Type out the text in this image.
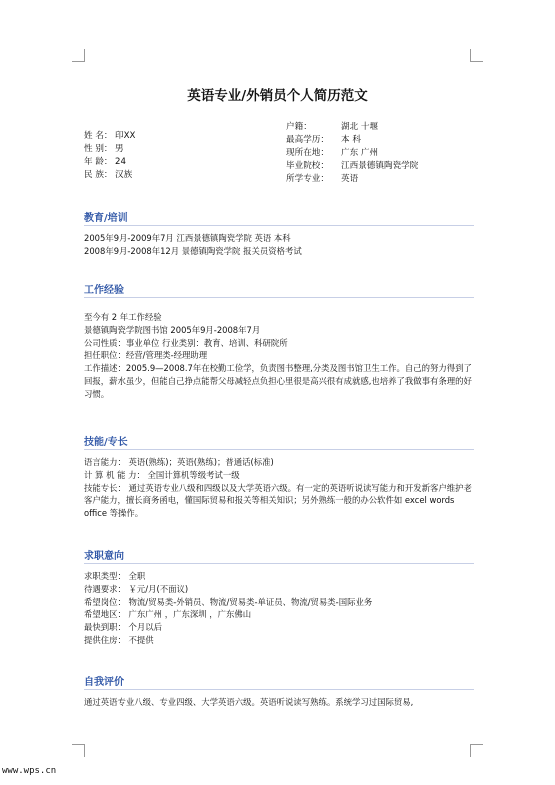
英语专业/外销员个人简历范文
姓 名： 印XX
性 别： 男
年 龄： 24
民 族： 汉族
户籍：	湖北 十堰
最高学历： 本 科
现所在地： 广东 广州
毕业院校： 江西景德镇陶瓷学院
所学专业： 英语
教育/培训
2005年9月-2009年7月 江西景德镇陶瓷学院 英语 本科
2008年9月-2008年12月 景德镇陶瓷学院 报关员资格考试
工作经验
至今有 2 年工作经验
景德镇陶瓷学院图书馆 2005年9月-2008年7月
公司性质：事业单位 行业类别：教育、培训、科研院所
担任职位：经营/管理类-经理助理
工作描述：2005.9—2008.7年在校勤工俭学，负责图书整理,分类及图书馆卫生工作。自己的努力得到了回报，薪水虽少，但能自己挣点能帮父母减轻点负担心里很是高兴很有成就感,也培养了我做事有条理的好习惯。
技能/专长
语言能力： 英语(熟练)；英语(熟练)；普通话(标准)
计 算 机 能 力： 全国计算机等级考试一级
技能专长： 通过英语专业八级和四级以及大学英语六级。有一定的英语听说读写能力和开发新客户维护老客户能力，擅长商务函电，懂国际贸易和报关等相关知识；另外熟练一般的办公软件如 excel words office 等操作。
求职意向
求职类型： 全职
待遇要求： ￥元/月(不面议)
希望岗位： 物流/贸易类-外销员、物流/贸易类-单证员、物流/贸易类-国际业务
希望地区： 广东广州 ，广东深圳 ，广东佛山
最快到职： 个月以后
提供住房： 不提供
自我评价
通过英语专业八级、专业四级、大学英语六级。英语听说读写熟练。系统学习过国际贸易,
www.wps.cn
